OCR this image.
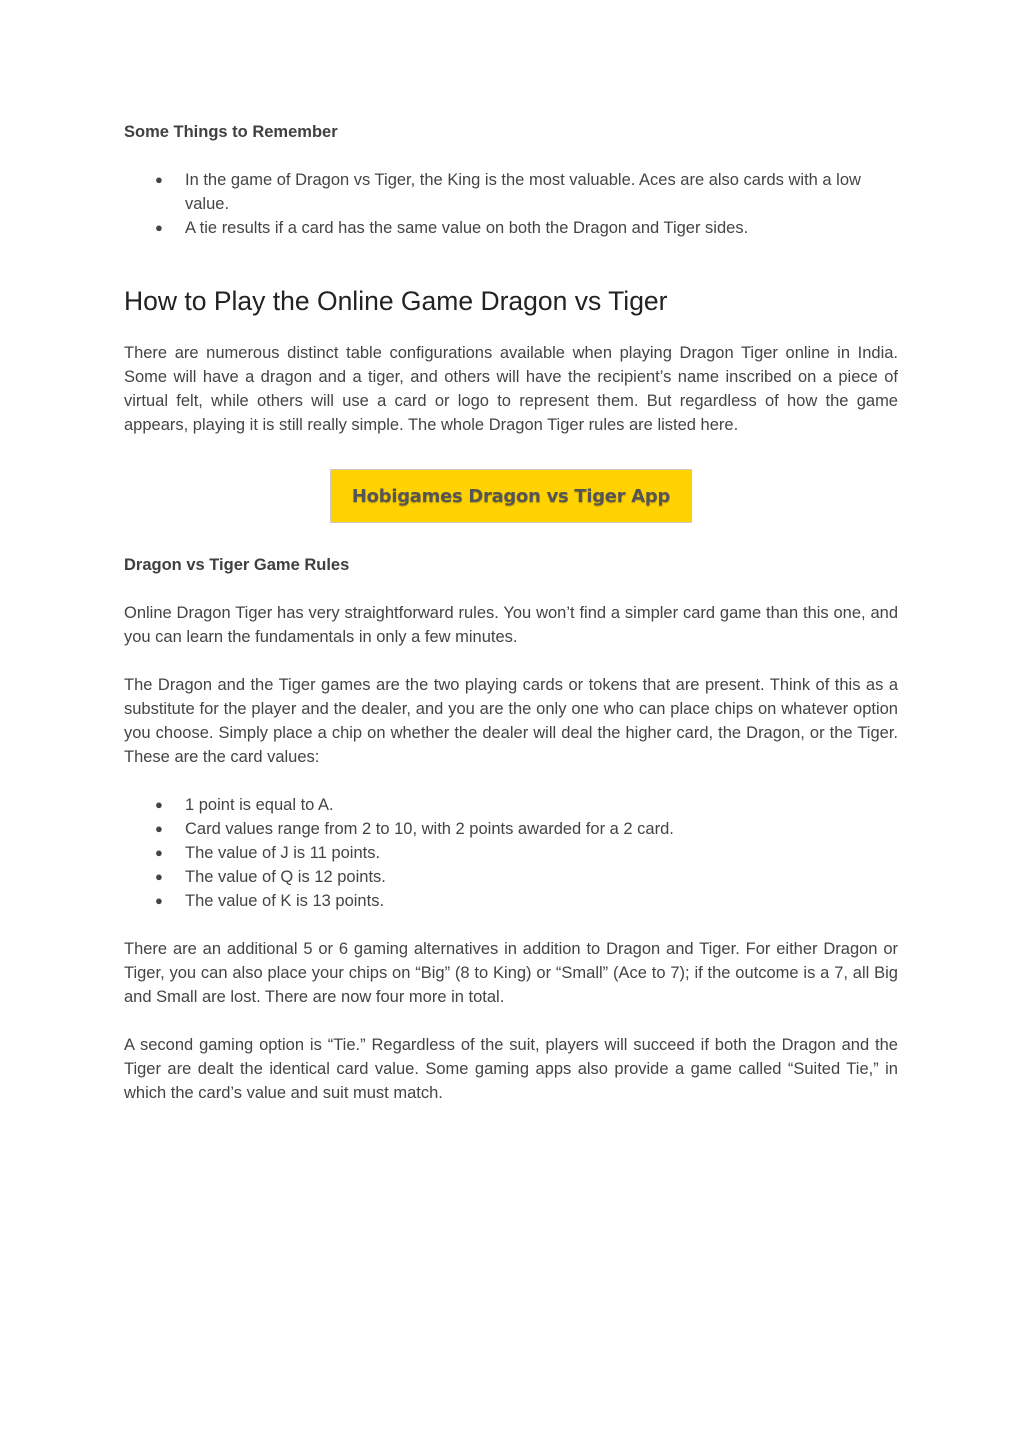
Some Things to Remember

● In the game of Dragon vs Tiger, the King is the most valuable. Aces are also cards with a low value.
● A tie results if a card has the same value on both the Dragon and Tiger sides.
How to Play the Online Game Dragon vs Tiger

There are numerous distinct table configurations available when playing Dragon Tiger online in India. Some will have a dragon and a tiger, and others will have the recipient’s name inscribed on a piece of virtual felt, while others will use a card or logo to represent them. But regardless of how the game appears, playing it is still really simple. The whole Dragon Tiger rules are listed here.

Hobigames Dragon vs Tiger App

Dragon vs Tiger Game Rules

Online Dragon Tiger has very straightforward rules. You won’t find a simpler card game than this one, and you can learn the fundamentals in only a few minutes.

The Dragon and the Tiger games are the two playing cards or tokens that are present. Think of this as a substitute for the player and the dealer, and you are the only one who can place chips on whatever option you choose. Simply place a chip on whether the dealer will deal the higher card, the Dragon, or the Tiger. These are the card values:

● 1 point is equal to A.
● Card values range from 2 to 10, with 2 points awarded for a 2 card.
● The value of J is 11 points.
● The value of Q is 12 points.
● The value of K is 13 points.

There are an additional 5 or 6 gaming alternatives in addition to Dragon and Tiger. For either Dragon or Tiger, you can also place your chips on “Big” (8 to King) or “Small” (Ace to 7); if the outcome is a 7, all Big and Small are lost. There are now four more in total.

A second gaming option is “Tie.” Regardless of the suit, players will succeed if both the Dragon and the Tiger are dealt the identical card value. Some gaming apps also provide a game called “Suited Tie,” in which the card’s value and suit must match.
